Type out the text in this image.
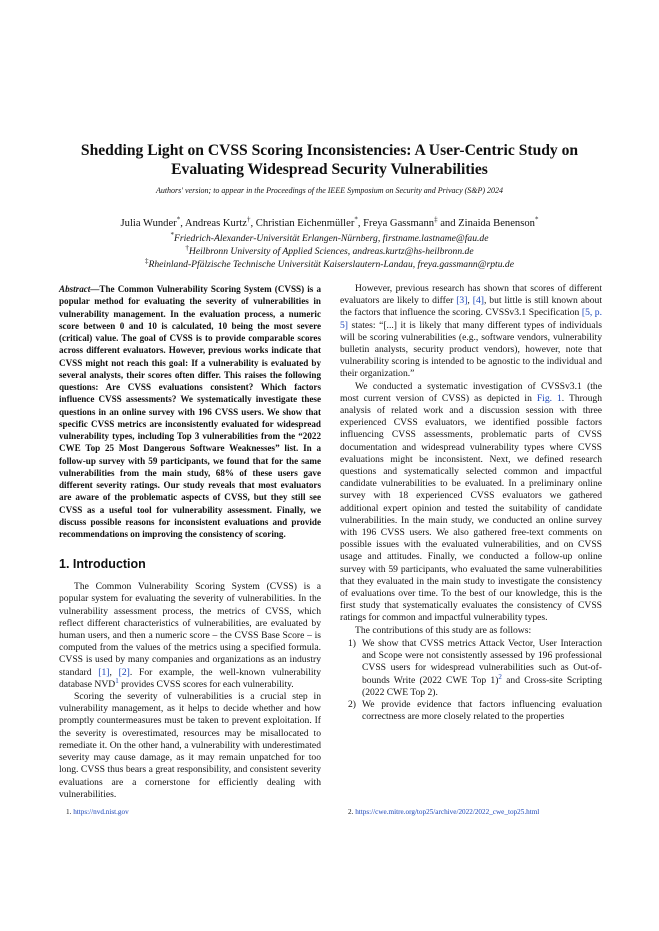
Shedding Light on CVSS Scoring Inconsistencies: A User-Centric Study on
Evaluating Widespread Security Vulnerabilities
Authors' version; to appear in the Proceedings of the IEEE Symposium on Security and Privacy (S&P) 2024
Julia Wunder*, Andreas Kurtz†, Christian Eichenmüller*, Freya Gassmann‡ and Zinaida Benenson*
*Friedrich-Alexander-Universität Erlangen-Nürnberg, firstname.lastname@fau.de
†Heilbronn University of Applied Sciences, andreas.kurtz@hs-heilbronn.de
‡Rheinland-Pfälzische Technische Universität Kaiserslautern-Landau, freya.gassmann@rptu.de

Abstract—The Common Vulnerability Scoring System (CVSS) is a popular method for evaluating the severity of vulnerabilities in vulnerability management. In the evaluation process, a numeric score between 0 and 10 is calculated, 10 being the most severe (critical) value. The goal of CVSS is to provide comparable scores across different evaluators. However, previous works indicate that CVSS might not reach this goal: If a vulnerability is evaluated by several analysts, their scores often differ. This raises the following questions: Are CVSS evaluations consistent? Which factors influence CVSS assessments? We systematically investigate these questions in an online survey with 196 CVSS users. We show that specific CVSS metrics are inconsistently evaluated for widespread vulnerability types, including Top 3 vulnerabilities from the “2022 CWE Top 25 Most Dangerous Software Weaknesses” list. In a follow-up survey with 59 participants, we found that for the same vulnerabilities from the main study, 68% of these users gave different severity ratings. Our study reveals that most evaluators are aware of the problematic aspects of CVSS, but they still see CVSS as a useful tool for vulnerability assessment. Finally, we discuss possible reasons for inconsistent evaluations and provide recommendations on improving the consistency of scoring.

1. Introduction

The Common Vulnerability Scoring System (CVSS) is a popular system for evaluating the severity of vulnerabilities. In the vulnerability assessment process, the metrics of CVSS, which reflect different characteristics of vulnerabilities, are evaluated by human users, and then a numeric score – the CVSS Base Score – is computed from the values of the metrics using a specified formula. CVSS is used by many companies and organizations as an industry standard [1], [2]. For example, the well-known vulnerability database NVD$^1$ provides CVSS scores for each vulnerability.

Scoring the severity of vulnerabilities is a crucial step in vulnerability management, as it helps to decide whether and how promptly countermeasures must be taken to prevent exploitation. If the severity is overestimated, resources may be misallocated to remediate it. On the other hand, a vulnerability with underestimated severity may cause damage, as it may remain unpatched for too long. CVSS thus bears a great responsibility, and consistent severity evaluations are a cornerstone for efficiently dealing with vulnerabilities.

However, previous research has shown that scores of different evaluators are likely to differ [3], [4], but little is still known about the factors that influence the scoring. CVSSv3.1 Specification [5, p. 5] states: “[...] it is likely that many different types of individuals will be scoring vulnerabilities (e.g., software vendors, vulnerability bulletin analysts, security product vendors), however, note that vulnerability scoring is intended to be agnostic to the individual and their organization.”

We conducted a systematic investigation of CVSSv3.1 (the most current version of CVSS) as depicted in Fig. 1. Through analysis of related work and a discussion session with three experienced CVSS evaluators, we identified possible factors influencing CVSS assessments, problematic parts of CVSS documentation and widespread vulnerability types where CVSS evaluations might be inconsistent. Next, we defined research questions and systematically selected common and impactful candidate vulnerabilities to be evaluated. In a preliminary online survey with 18 experienced CVSS evaluators we gathered additional expert opinion and tested the suitability of candidate vulnerabilities. In the main study, we conducted an online survey with 196 CVSS users. We also gathered free-text comments on possible issues with the evaluated vulnerabilities, and on CVSS usage and attitudes. Finally, we conducted a follow-up online survey with 59 participants, who evaluated the same vulnerabilities that they evaluated in the main study to investigate the consistency of evaluations over time. To the best of our knowledge, this is the first study that systematically evaluates the consistency of CVSS ratings for common and impactful vulnerability types.

The contributions of this study are as follows:

1) We show that CVSS metrics Attack Vector, User Interaction and Scope were not consistently assessed by 196 professional CVSS users for widespread vulnerabilities such as Out-of-bounds Write (2022 CWE Top 1)$^2$ and Cross-site Scripting (2022 CWE Top 2).
2) We provide evidence that factors influencing evaluation correctness are more closely related to the properties
1. https://nvd.nist.gov	2. https://cwe.mitre.org/top25/archive/2022/2022_cwe_top25.html
